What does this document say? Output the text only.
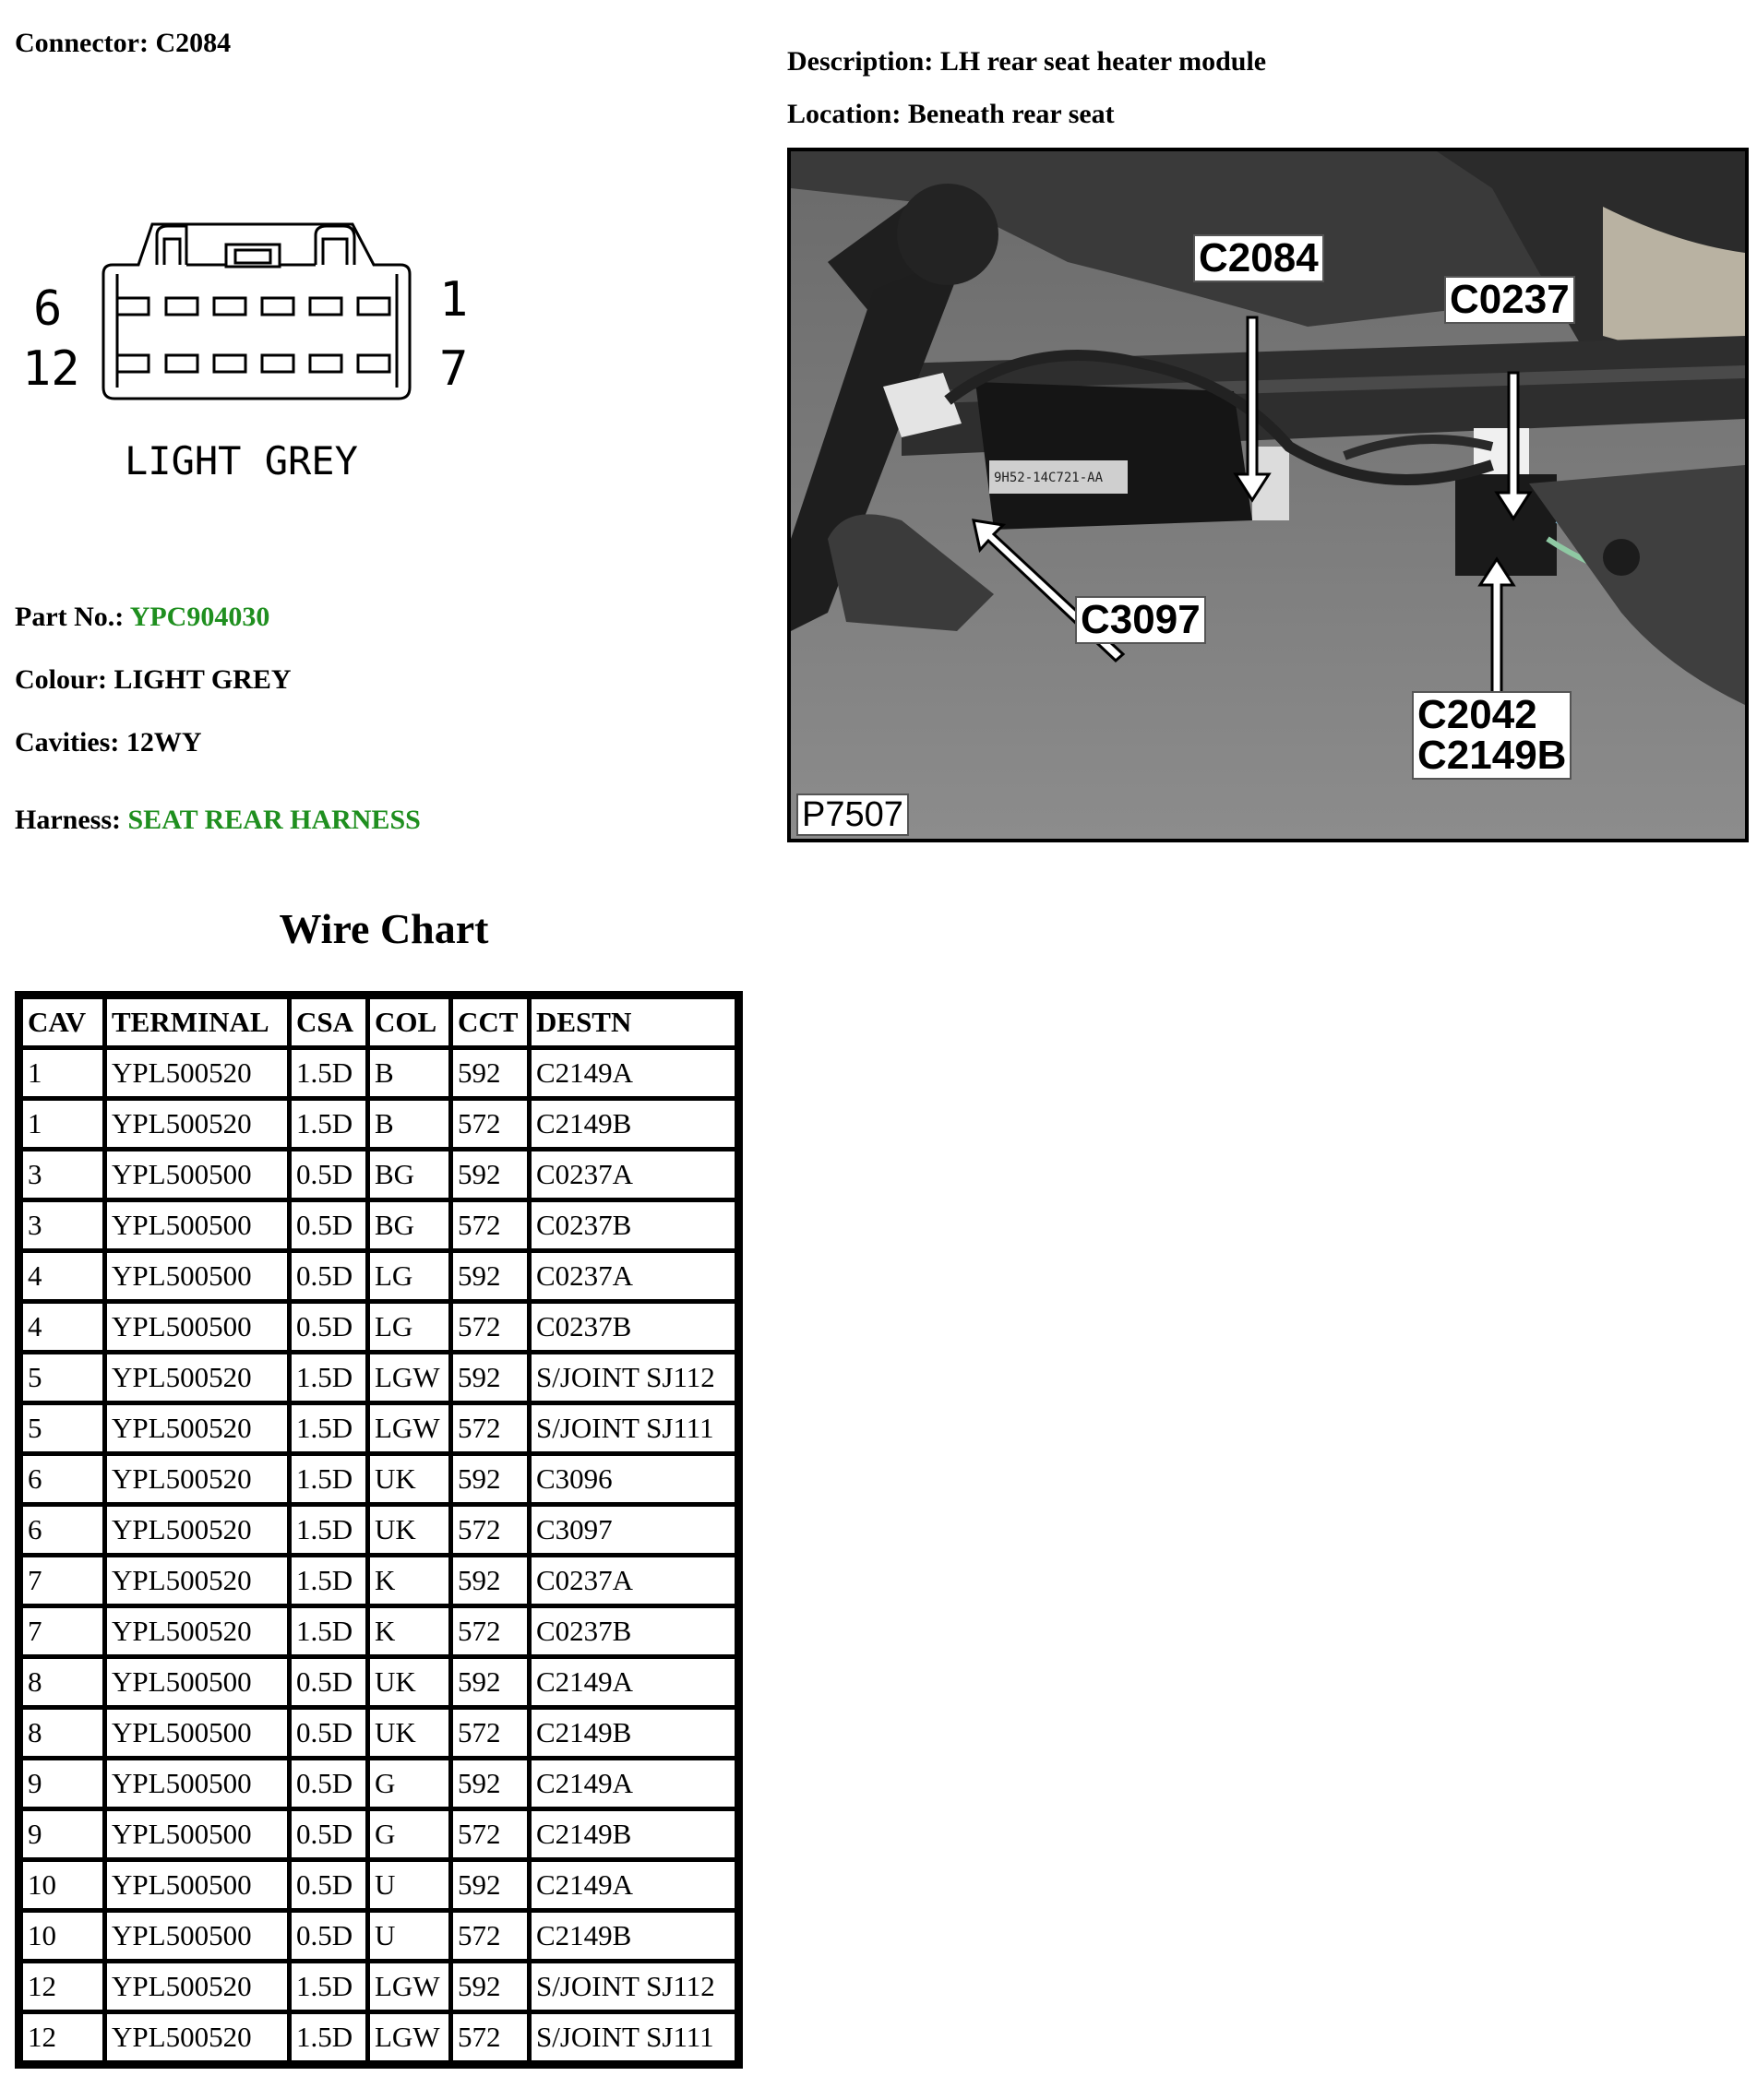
Connector: C2084
Description: LH rear seat heater module
Location: Beneath rear seat
6	1
12	7
LIGHT GREY
Part No.: YPC904030
Colour: LIGHT GREY
Cavities: 12WY
Harness: SEAT REAR HARNESS
9H52-14C721-AA
C2084
C0237
C3097
C2042
C2149B
P7507
Wire Chart
CAV	TERMINAL	CSA	COL	CCT	DESTN
1	YPL500520	1.5D	B	592	C2149A
1	YPL500520	1.5D	B	572	C2149B
3	YPL500500	0.5D	BG	592	C0237A
3	YPL500500	0.5D	BG	572	C0237B
4	YPL500500	0.5D	LG	592	C0237A
4	YPL500500	0.5D	LG	572	C0237B
5	YPL500520	1.5D	LGW	592	S/JOINT SJ112
5	YPL500520	1.5D	LGW	572	S/JOINT SJ111
6	YPL500520	1.5D	UK	592	C3096
6	YPL500520	1.5D	UK	572	C3097
7	YPL500520	1.5D	K	592	C0237A
7	YPL500520	1.5D	K	572	C0237B
8	YPL500500	0.5D	UK	592	C2149A
8	YPL500500	0.5D	UK	572	C2149B
9	YPL500500	0.5D	G	592	C2149A
9	YPL500500	0.5D	G	572	C2149B
10	YPL500500	0.5D	U	592	C2149A
10	YPL500500	0.5D	U	572	C2149B
12	YPL500520	1.5D	LGW	592	S/JOINT SJ112
12	YPL500520	1.5D	LGW	572	S/JOINT SJ111
